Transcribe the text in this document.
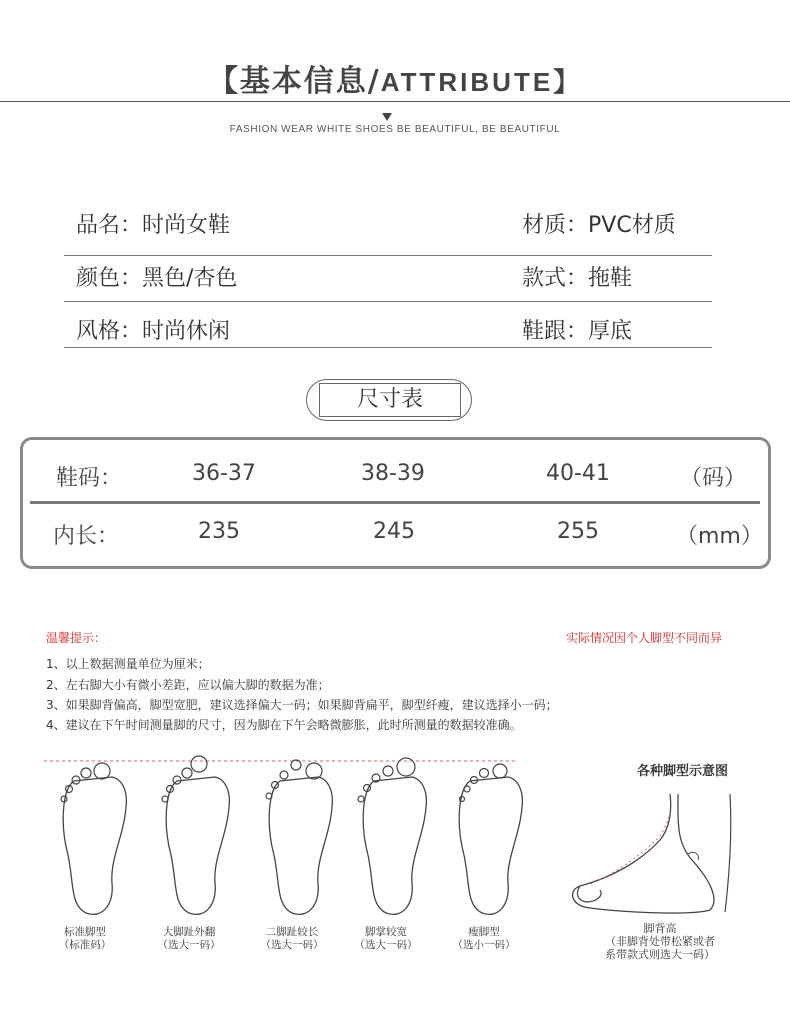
【基本信息/ATTRIBUTE】
FASHION WEAR WHITE SHOES BE BEAUTIFUL, BE BEAUTIFUL
品名：时尚女鞋	材质：PVC材质
颜色：黑色/杏色	款式：拖鞋
风格：时尚休闲	鞋跟：厚底
尺寸表
鞋码：	36-37	38-39	40-41	（码）
内长：	235	245	255	（mm）
温馨提示：	实际情况因个人脚型不同而异
1、以上数据测量单位为厘米；
2、左右脚大小有微小差距，应以偏大脚的数据为准；
3、如果脚背偏高，脚型宽肥，建议选择偏大一码；如果脚背扁平，脚型纤瘦，建议选择小一码；
4、建议在下午时间测量脚的尺寸，因为脚在下午会略微膨胀，此时所测量的数据较准确。
标准脚型
（标准码）
大脚趾外翻
（选大一码）
二脚趾较长
（选大一码）
脚掌较宽
（选大一码）
瘦脚型
（选小一码）
各种脚型示意图
脚背高
（非脚背处带松紧或者
系带款式则选大一码）
